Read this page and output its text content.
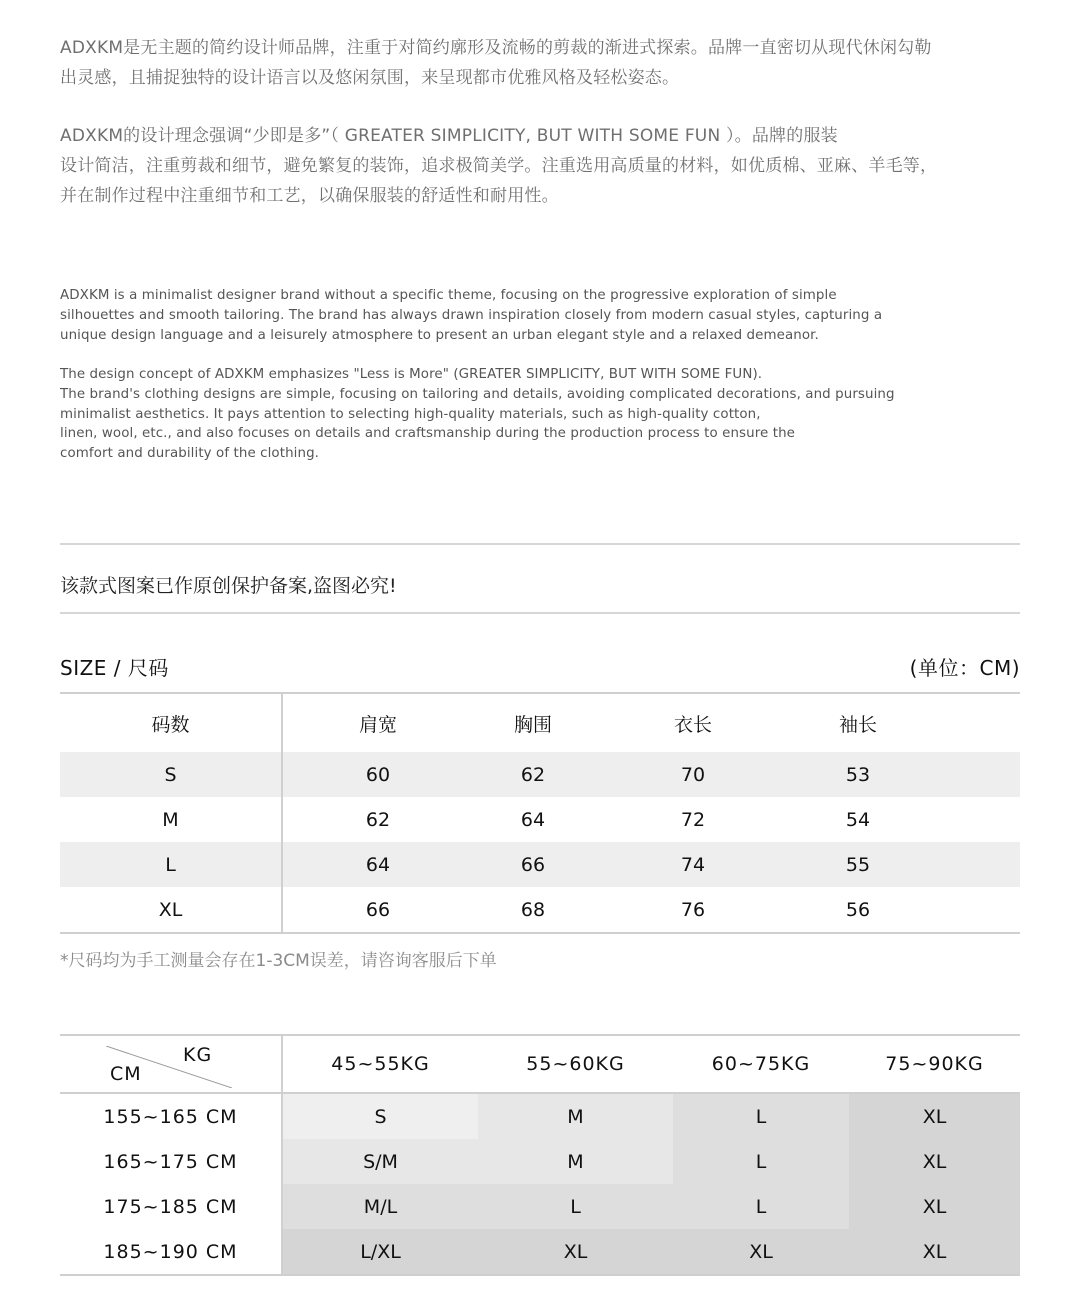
ADXKM是无主题的简约设计师品牌，注重于对简约廓形及流畅的剪裁的渐进式探索。品牌一直密切从现代休闲勾勒

出灵感，且捕捉独特的设计语言以及悠闲氛围，来呈现都市优雅风格及轻松姿态。

ADXKM的设计理念强调“少即是多”（ GREATER SIMPLICITY, BUT WITH SOME FUN ）。品牌的服装

设计简洁，注重剪裁和细节，避免繁复的装饰，追求极简美学。注重选用高质量的材料，如优质棉、亚麻、羊毛等，

并在制作过程中注重细节和工艺，以确保服装的舒适性和耐用性。

ADXKM is a minimalist designer brand without a specific theme, focusing on the progressive exploration of simple

silhouettes and smooth tailoring. The brand has always drawn inspiration closely from modern casual styles, capturing a

unique design language and a leisurely atmosphere to present an urban elegant style and a relaxed demeanor.

The design concept of ADXKM emphasizes "Less is More" (GREATER SIMPLICITY, BUT WITH SOME FUN).

The brand's clothing designs are simple, focusing on tailoring and details, avoiding complicated decorations, and pursuing

minimalist aesthetics. It pays attention to selecting high-quality materials, such as high-quality cotton,

linen, wool, etc., and also focuses on details and craftsmanship during the production process to ensure the

comfort and durability of the clothing.

该款式图案已作原创保护备案,盗图必究!
SIZE / 尺码	(单位：CM)
码数	肩宽	胸围	衣长	袖长
S	60	62	70	53
M	62	64	72	54
L	64	66	74	55
XL	66	68	76	56
*尺码均为手工测量会存在1-3CM误差，请咨询客服后下单
KG
CM	45~55KG	55~60KG	60~75KG	75~90KG
155~165 CM	S	M	L	XL
165~175 CM	S/M	M	L	XL
175~185 CM	M/L	L	L	XL
185~190 CM	L/XL	XL	XL	XL
